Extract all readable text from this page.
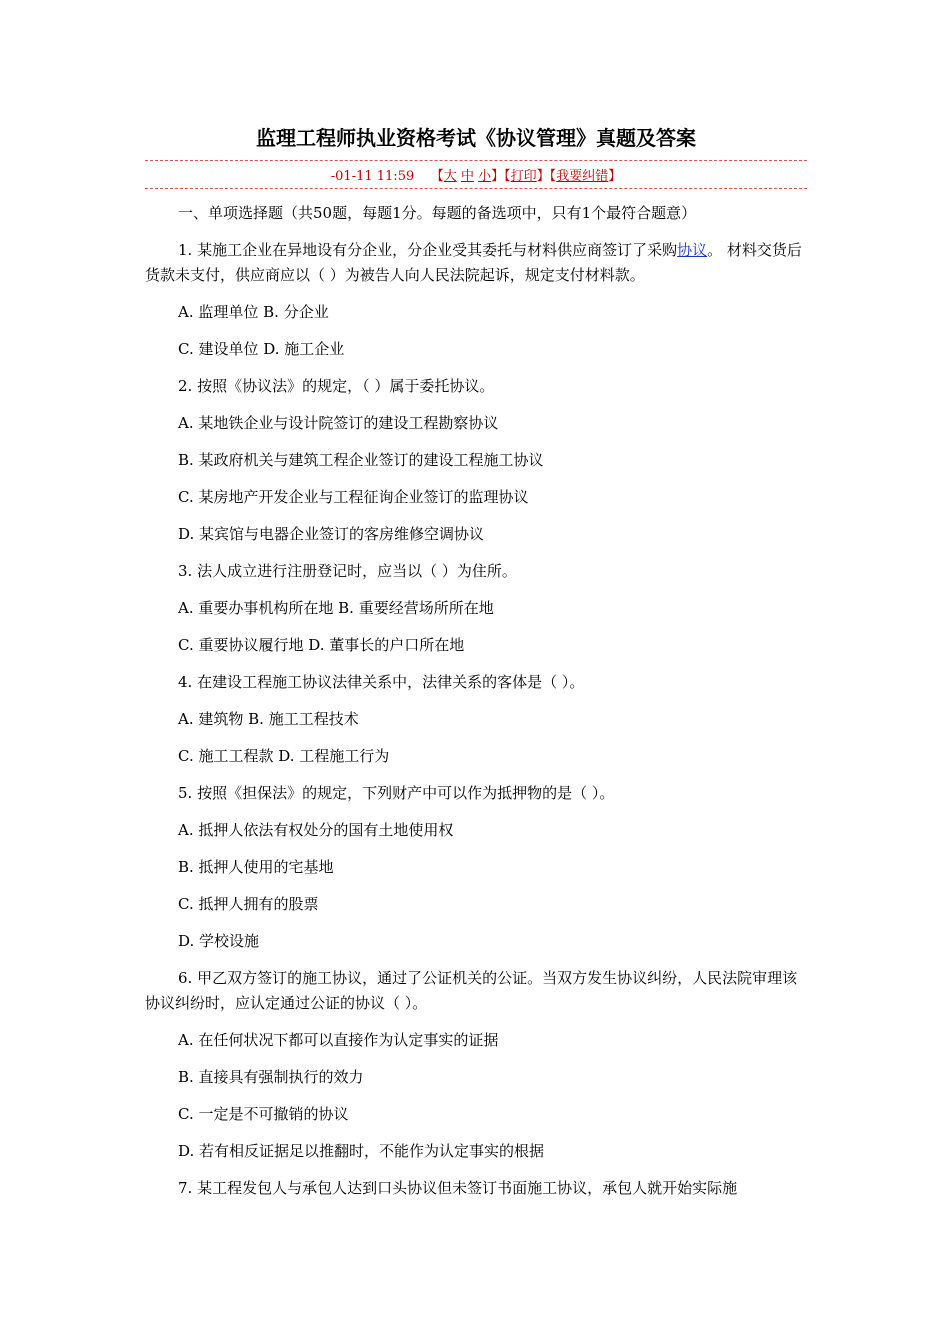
监理工程师执业资格考试《协议管理》真题及答案
-01-11 11:59 【大 中 小】【打印】【我要纠错】

一、单项选择题（共50题，每题1分。每题的备选项中，只有1个最符合题意）

1. 某施工企业在异地设有分企业，分企业受其委托与材料供应商签订了采购协议。 材料交货后货款未支付，供应商应以（ ）为被告人向人民法院起诉，规定支付材料款。

A. 监理单位 B. 分企业

C. 建设单位 D. 施工企业

2. 按照《协议法》的规定，（ ）属于委托协议。

A. 某地铁企业与设计院签订的建设工程勘察协议

B. 某政府机关与建筑工程企业签订的建设工程施工协议

C. 某房地产开发企业与工程征询企业签订的监理协议

D. 某宾馆与电器企业签订的客房维修空调协议

3. 法人成立进行注册登记时，应当以（ ）为住所。

A. 重要办事机构所在地 B. 重要经营场所所在地

C. 重要协议履行地 D. 董事长的户口所在地

4. 在建设工程施工协议法律关系中，法律关系的客体是（ ）。

A. 建筑物 B. 施工工程技术

C. 施工工程款 D. 工程施工行为

5. 按照《担保法》的规定，下列财产中可以作为抵押物的是（ ）。

A. 抵押人依法有权处分的国有土地使用权

B. 抵押人使用的宅基地

C. 抵押人拥有的股票

D. 学校设施

6. 甲乙双方签订的施工协议，通过了公证机关的公证。当双方发生协议纠纷，人民法院审理该协议纠纷时，应认定通过公证的协议（ ）。

A. 在任何状况下都可以直接作为认定事实的证据

B. 直接具有强制执行的效力

C. 一定是不可撤销的协议

D. 若有相反证据足以推翻时，不能作为认定事实的根据

7. 某工程发包人与承包人达到口头协议但未签订书面施工协议，承包人就开始实际施
